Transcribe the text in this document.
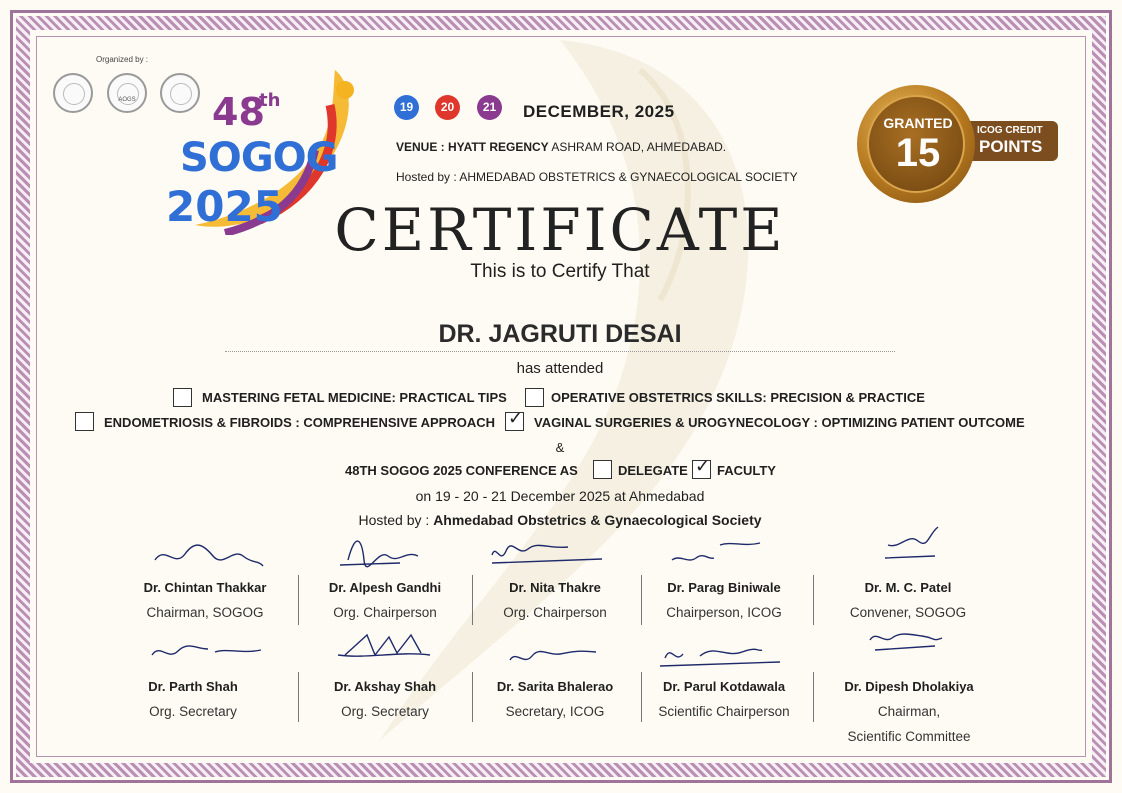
Organized by :
AOGS 48
th
SOGOG
2025
19	20	21	DECEMBER, 2025
VENUE : HYATT REGENCY ASHRAM ROAD, AHMEDABAD.
Hosted by : AHMEDABAD OBSTETRICS & GYNAECOLOGICAL SOCIETY
ICOG CREDIT
POINTS
GRANTED
15
CERTIFICATE
This is to Certify That
DR. JAGRUTI DESAI
has attended
MASTERING FETAL MEDICINE: PRACTICAL TIPS	OPERATIVE OBSTETRICS SKILLS: PRECISION & PRACTICE
ENDOMETRIOSIS & FIBROIDS : COMPREHENSIVE APPROACH ✓ VAGINAL SURGERIES & UROGYNECOLOGY : OPTIMIZING PATIENT OUTCOME
&
48TH SOGOG 2025 CONFERENCE AS	DELEGATE ✓ FACULTY
on 19 - 20 - 21 December 2025 at Ahmedabad
Hosted by : Ahmedabad Obstetrics & Gynaecological Society
Dr. Chintan Thakkar
Chairman, SOGOG
Dr. Alpesh Gandhi
Org. Chairperson
Dr. Nita Thakre
Org. Chairperson
Dr. Parag Biniwale
Chairperson, ICOG
Dr. M. C. Patel
Convener, SOGOG
Dr. Parth Shah
Org. Secretary
Dr. Akshay Shah
Org. Secretary
Dr. Sarita Bhalerao
Secretary, ICOG
Dr. Parul Kotdawala
Scientific Chairperson
Dr. Dipesh Dholakiya
Chairman,
Scientific Committee
